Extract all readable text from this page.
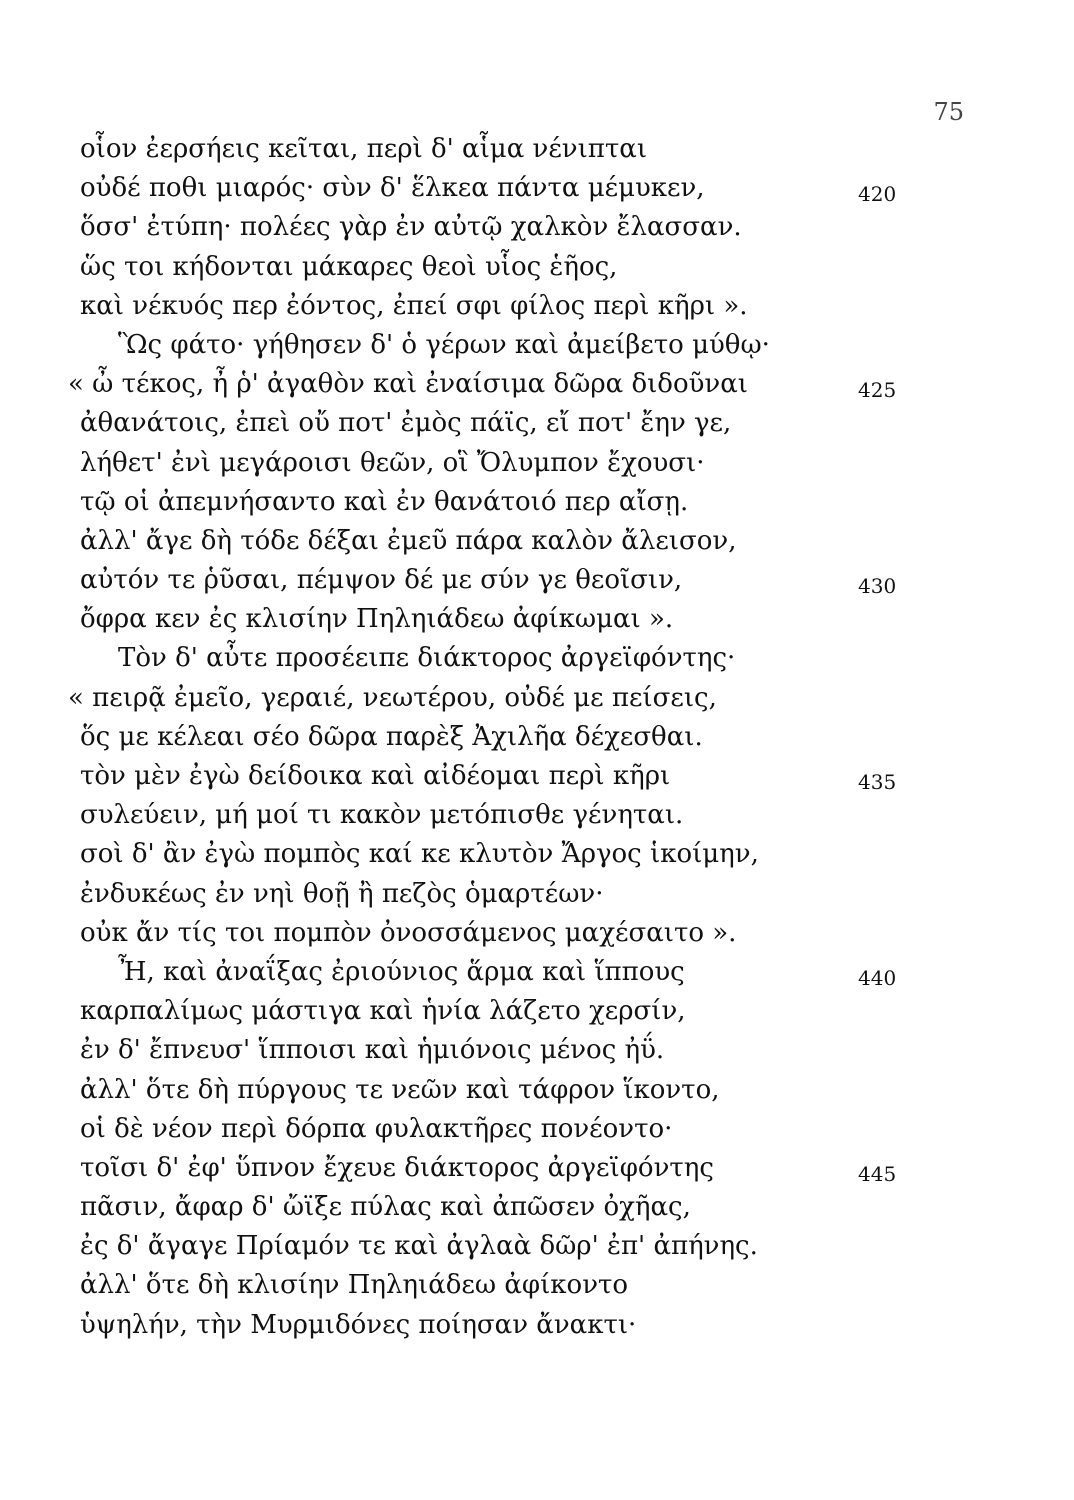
75
οἷον ἐερσήεις κεῖται, περὶ δ' αἷμα νένιπται
οὐδέ ποθι μιαρός· σὺν δ' ἕλκεα πάντα μέμυκεν,	420
ὅσσ' ἐτύπη· πολέες γὰρ ἐν αὐτῷ χαλκὸν ἔλασσαν.
ὥς τοι κήδονται μάκαρες θεοὶ υἷος ἑῆος,
καὶ νέκυός περ ἐόντος, ἐπεί σφι φίλος περὶ κῆρι ».
Ὣς φάτο· γήθησεν δ' ὁ γέρων καὶ ἀμείβετο μύθῳ·
« ὦ τέκος, ἦ ῥ' ἀγαθὸν καὶ ἐναίσιμα δῶρα διδοῦναι	425
ἀθανάτοις, ἐπεὶ οὔ ποτ' ἐμὸς πάϊς, εἴ ποτ' ἔην γε,
λήθετ' ἐνὶ μεγάροισι θεῶν, οἳ Ὄλυμπον ἔχουσι·
τῷ οἱ ἀπεμνήσαντο καὶ ἐν θανάτοιό περ αἴσῃ.
ἀλλ' ἄγε δὴ τόδε δέξαι ἐμεῦ πάρα καλὸν ἄλεισον,
αὐτόν τε ῥῦσαι, πέμψον δέ με σύν γε θεοῖσιν,	430
ὄφρα κεν ἐς κλισίην Πηληιάδεω ἀφίκωμαι ».
Τὸν δ' αὖτε προσέειπε διάκτορος ἀργεϊφόντης·
« πειρᾷ ἐμεῖο, γεραιέ, νεωτέρου, οὐδέ με πείσεις,
ὅς με κέλεαι σέο δῶρα παρὲξ Ἀχιλῆα δέχεσθαι.
τὸν μὲν ἐγὼ δείδοικα καὶ αἰδέομαι περὶ κῆρι	435
συλεύειν, μή μοί τι κακὸν μετόπισθε γένηται.
σοὶ δ' ἂν ἐγὼ πομπὸς καί κε κλυτὸν Ἄργος ἱκοίμην,
ἐνδυκέως ἐν νηὶ θοῇ ἢ πεζὸς ὁμαρτέων·
οὐκ ἄν τίς τοι πομπὸν ὀνοσσάμενος μαχέσαιτο ».
Ἦ, καὶ ἀναΐξας ἐριούνιος ἅρμα καὶ ἵππους	440
καρπαλίμως μάστιγα καὶ ἡνία λάζετο χερσίν,
ἐν δ' ἔπνευσ' ἵπποισι καὶ ἡμιόνοις μένος ἠΰ.
ἀλλ' ὅτε δὴ πύργους τε νεῶν καὶ τάφρον ἵκοντο,
οἱ δὲ νέον περὶ δόρπα φυλακτῆρες πονέοντο·
τοῖσι δ' ἐφ' ὕπνον ἔχευε διάκτορος ἀργεϊφόντης	445
πᾶσιν, ἄφαρ δ' ὤϊξε πύλας καὶ ἀπῶσεν ὀχῆας,
ἐς δ' ἄγαγε Πρίαμόν τε καὶ ἀγλαὰ δῶρ' ἐπ' ἀπήνης.
ἀλλ' ὅτε δὴ κλισίην Πηληιάδεω ἀφίκοντο
ὑψηλήν, τὴν Μυρμιδόνες ποίησαν ἄνακτι·
